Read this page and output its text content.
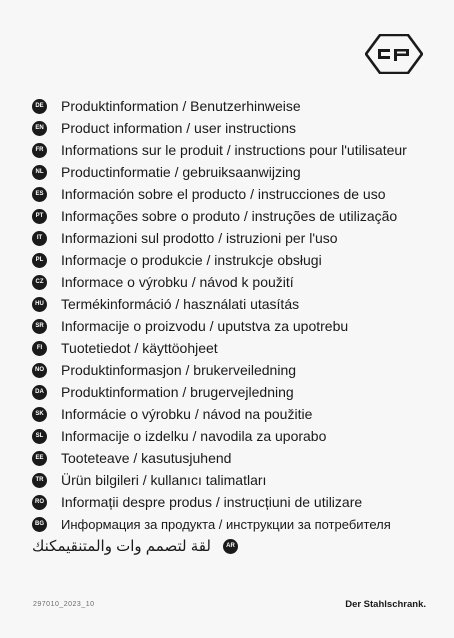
DE Produktinformation / Benutzerhinweise
EN Product information / user instructions
FR Informations sur le produit / instructions pour l'utilisateur
NL Productinformatie / gebruiksaanwijzing
ES Información sobre el producto / instrucciones de uso
PT Informações sobre o produto / instruções de utilização
IT	Informazioni sul prodotto / istruzioni per l'uso
PL Informacje o produkcie / instrukcje obsługi
CZ Informace o výrobku / návod k použití
HU Termékinformáció / használati utasítás
SR Informacije o proizvodu / uputstva za upotrebu
FI	Tuotetiedot / käyttöohjeet
NO Produktinformasjon / brukerveiledning
DA Produktinformation / brugervejledning
SK Informácie o výrobku / návod na použitie
SL Informacije o izdelku / navodila za uporabo
EE Tooteteave / kasutusjuhend
TR Ürün bilgileri / kullanıcı talimatları
RO Informații despre produs / instrucțiuni de utilizare
BG Информация за продукта / инструкции за потребителя
لقة لتصمم وات والمتنقيمكنك	AR
297010_2023_10	Der Stahlschrank.
